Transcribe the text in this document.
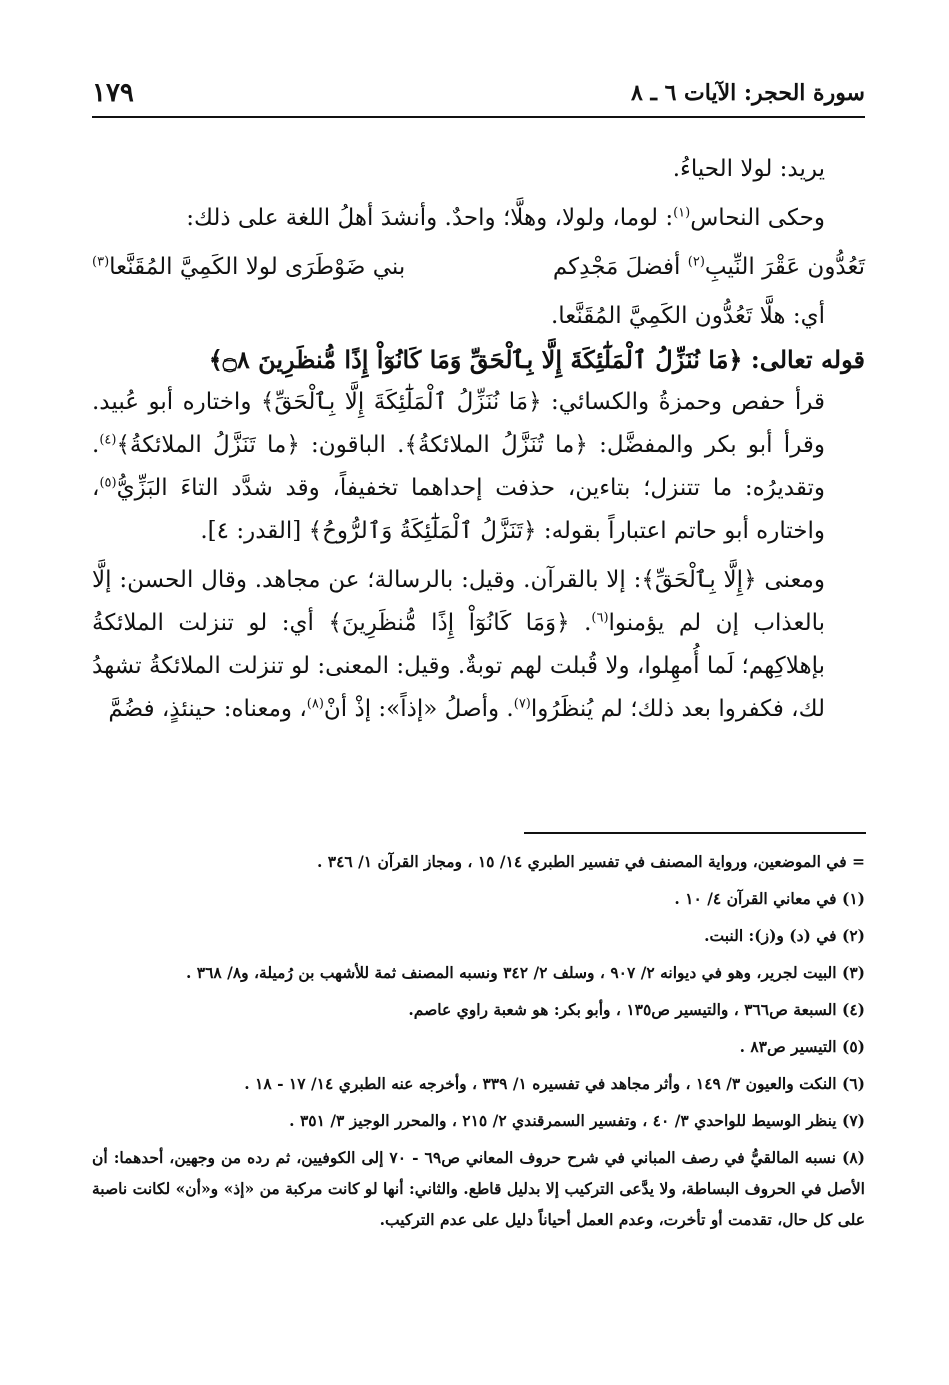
سورة الحجر: الآيات ٦ ـ ٨
١٧٩

يريد: لولا الحياءُ.

وحكى النحاس$^{(١)}$: لوما، ولولا، وهلَّا؛ واحدٌ. وأنشدَ أهلُ اللغة على ذلك:

تَعُدُّون عَقْرَ النِّيبِ$^{(٢)}$ أفضلَ مَجْدِكم
بني ضَوْطَرَى لولا الكَمِيَّ المُقَنَّعا$^{(٣)}$

أي: هلَّا تَعُدُّون الكَمِيَّ المُقَنَّعا.

قوله تعالى: ﴿مَا نُنَزِّلُ ٱلْمَلَٰٓئِكَةَ إِلَّا بِٱلْحَقِّ وَمَا كَانُوٓاْ إِذًا مُّنظَرِينَ ۝٨﴾

قرأ حفص وحمزةُ والكسائي: ﴿مَا نُنَزِّلُ ٱلْمَلَٰٓئِكَةَ إِلَّا بِٱلْحَقِّ﴾ واختاره أبو عُبيد. وقرأ أبو بكر والمفضَّل: ﴿ما تُنَزَّلُ الملائكةُ﴾. الباقون: ﴿ما تَنَزَّلُ الملائكةُ﴾$^{(٤)}$. وتقديرُه: ما تتنزل؛ بتاءين، حذفت إحداهما تخفيفاً، وقد شدَّد التاءَ البَزِّيُّ$^{(٥)}$، واختاره أبو حاتم اعتباراً بقوله: ﴿تَنَزَّلُ ٱلْمَلَٰٓئِكَةُ وَٱلرُّوحُ﴾ [القدر: ٤].

ومعنى ﴿إِلَّا بِٱلْحَقِّ﴾: إلا بالقرآن. وقيل: بالرسالة؛ عن مجاهد. وقال الحسن: إلَّا بالعذاب إن لم يؤمنوا$^{(٦)}$. ﴿وَمَا كَانُوٓاْ إِذًا مُّنظَرِينَ﴾ أي: لو تنزلت الملائكةُ بإهلاكِهم؛ لَما أُمهِلوا، ولا قُبلت لهم توبةٌ. وقيل: المعنى: لو تنزلت الملائكةُ تشهدُ لك، فكفروا بعد ذلك؛ لم يُنظَرُوا$^{(٧)}$. وأصلُ «إذاً»: إذْ أنْ$^{(٨)}$، ومعناه: حينئذٍ، فضُمَّ

= في الموضعين، ورواية المصنف في تفسير الطبري ١٤/ ١٥ ، ومجاز القرآن ١/ ٣٤٦ .

(١) في معاني القرآن ٤/ ١٠ .

(٢) في (د) و(ز): النبت.

(٣) البيت لجرير، وهو في ديوانه ٢/ ٩٠٧ ، وسلف ٢/ ٣٤٢ ونسبه المصنف ثمة للأشهب بن رُميلة، و٨/ ٣٦٨ .

(٤) السبعة ص٣٦٦ ، والتيسير ص١٣٥ ، وأبو بكر: هو شعبة راوي عاصم.

(٥) التيسير ص٨٣ .

(٦) النكت والعيون ٣/ ١٤٩ ، وأثر مجاهد في تفسيره ١/ ٣٣٩ ، وأخرجه عنه الطبري ١٤/ ١٧ - ١٨ .

(٧) ينظر الوسيط للواحدي ٣/ ٤٠ ، وتفسير السمرقندي ٢/ ٢١٥ ، والمحرر الوجيز ٣/ ٣٥١ .

(٨) نسبه المالقيُّ في رصف المباني في شرح حروف المعاني ص٦٩ - ٧٠ إلى الكوفيين، ثم رده من وجهين، أحدهما: أن الأصل في الحروف البساطة، ولا يدَّعى التركيب إلا بدليل قاطع. والثاني: أنها لو كانت مركبة من «إذ» و«أن» لكانت ناصبة على كل حال، تقدمت أو تأخرت، وعدم العمل أحياناً دليل على عدم التركيب.
